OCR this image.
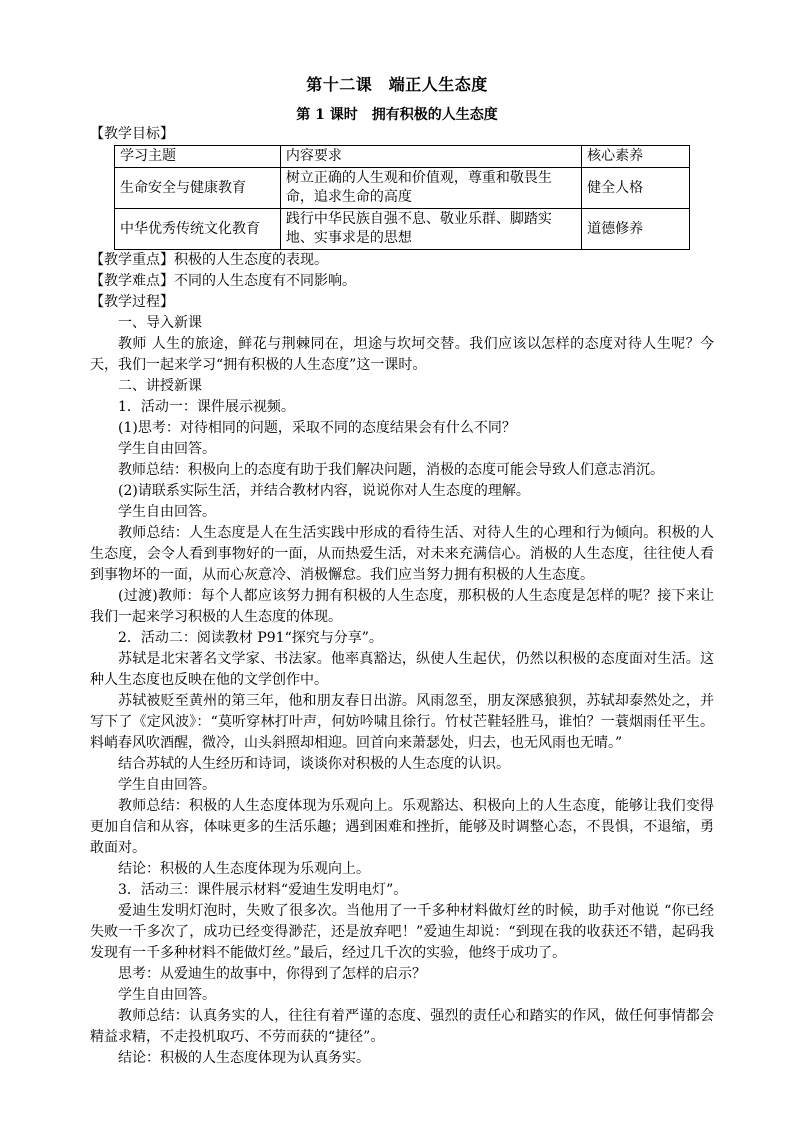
第十二课　端正人生态度
第 1 课时　拥有积极的人生态度

【教学目标】

学习主题	内容要求	核心素养
生命安全与健康教育	树立正确的人生观和价值观，尊重和敬畏生命，追求生命的高度	健全人格
中华优秀传统文化教育	践行中华民族自强不息、敬业乐群、脚踏实地、实事求是的思想	道德修养

【教学重点】积极的人生态度的表现。

【教学难点】不同的人生态度有不同影响。

【教学过程】

一、导入新课

教师 人生的旅途，鲜花与荆棘同在，坦途与坎坷交替。我们应该以怎样的态度对待人生呢？今天，我们一起来学习“拥有积极的人生态度”这一课时。

二、讲授新课

1．活动一：课件展示视频。

(1)思考：对待相同的问题，采取不同的态度结果会有什么不同？

学生自由回答。

教师总结：积极向上的态度有助于我们解决问题，消极的态度可能会导致人们意志消沉。

(2)请联系实际生活，并结合教材内容，说说你对人生态度的理解。

学生自由回答。

教师总结：人生态度是人在生活实践中形成的看待生活、对待人生的心理和行为倾向。积极的人生态度，会令人看到事物好的一面，从而热爱生活，对未来充满信心。消极的人生态度，往往使人看到事物坏的一面，从而心灰意冷、消极懈怠。我们应当努力拥有积极的人生态度。

(过渡)教师：每个人都应该努力拥有积极的人生态度，那积极的人生态度是怎样的呢？接下来让我们一起来学习积极的人生态度的体现。

2．活动二：阅读教材 P91“探究与分享”。

苏轼是北宋著名文学家、书法家。他率真豁达，纵使人生起伏，仍然以积极的态度面对生活。这种人生态度也反映在他的文学创作中。

苏轼被贬至黄州的第三年，他和朋友春日出游。风雨忽至，朋友深感狼狈，苏轼却泰然处之，并写下了《定风波》：“莫听穿林打叶声，何妨吟啸且徐行。竹杖芒鞋轻胜马，谁怕？一蓑烟雨任平生。料峭春风吹酒醒，微冷，山头斜照却相迎。回首向来萧瑟处，归去，也无风雨也无晴。”

结合苏轼的人生经历和诗词，谈谈你对积极的人生态度的认识。

学生自由回答。

教师总结：积极的人生态度体现为乐观向上。乐观豁达、积极向上的人生态度，能够让我们变得更加自信和从容，体味更多的生活乐趣；遇到困难和挫折，能够及时调整心态，不畏惧，不退缩，勇敢面对。

结论：积极的人生态度体现为乐观向上。

3．活动三：课件展示材料“爱迪生发明电灯”。

爱迪生发明灯泡时，失败了很多次。当他用了一千多种材料做灯丝的时候，助手对他说 “你已经失败一千多次了，成功已经变得渺茫，还是放弃吧！”爱迪生却说：“到现在我的收获还不错，起码我发现有一千多种材料不能做灯丝。”最后，经过几千次的实验，他终于成功了。

思考：从爱迪生的故事中，你得到了怎样的启示？

学生自由回答。

教师总结：认真务实的人，往往有着严谨的态度、强烈的责任心和踏实的作风，做任何事情都会精益求精，不走投机取巧、不劳而获的“捷径”。

结论：积极的人生态度体现为认真务实。
